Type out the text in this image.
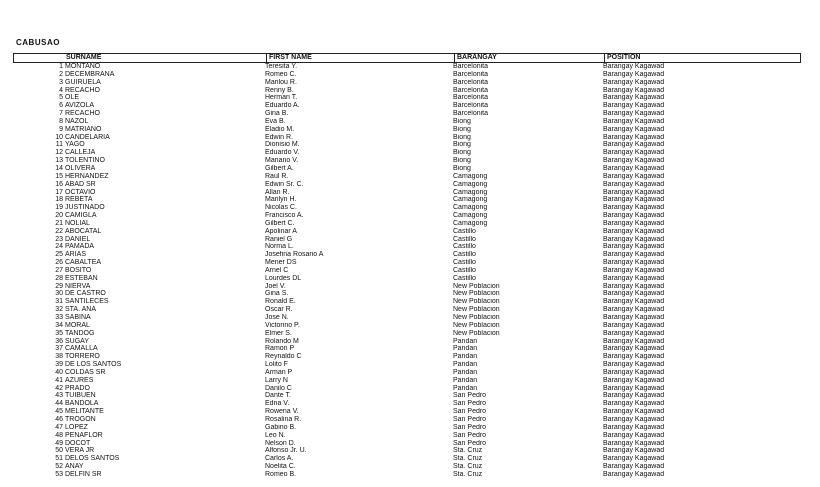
CABUSAO
SURNAME	FIRST NAME	BARANGAY	POSITION
1 MONTAÑO	Teresita Y.	Barcelonita	Barangay Kagawad
2 DECEMBRANA	Romeo C.	Barcelonita	Barangay Kagawad
3 GUIRUELA	Marilou R.	Barcelonita	Barangay Kagawad
4 RECACHO	Renny B.	Barcelonita	Barangay Kagawad
5 OLE	Herman T.	Barcelonita	Barangay Kagawad
6 AVIZOLA	Eduardo A.	Barcelonita	Barangay Kagawad
7 RECACHO	Gina B.	Barcelonita	Barangay Kagawad
8 NAZOL	Eva B.	Biong	Barangay Kagawad
9 MATRIANO	Eladio M.	Biong	Barangay Kagawad
10 CANDELARIA	Edwin R.	Biong	Barangay Kagawad
11 YAGO	Dionisio M.	Biong	Barangay Kagawad
12 CALLEJA	Eduardo V.	Biong	Barangay Kagawad
13 TOLENTINO	Mariano V.	Biong	Barangay Kagawad
14 OLIVERA	Gilbert A.	Biong	Barangay Kagawad
15 HERNANDEZ	Raul R.	Camagong	Barangay Kagawad
16 ABAD SR	Edwin Sr. C.	Camagong	Barangay Kagawad
17 OCTAVIO	Allan R.	Camagong	Barangay Kagawad
18 REBETA	Marilyn H.	Camagong	Barangay Kagawad
19 JUSTINADO	Nicolas C.	Camagong	Barangay Kagawad
20 CAMIGLA	Francisco A.	Camagong	Barangay Kagawad
21 NOLIAL	Gilbert C.	Camagong	Barangay Kagawad
22 ABOCATAL	Apolinar A	Castillo	Barangay Kagawad
23 DANIEL	Raniel G	Castillo	Barangay Kagawad
24 PAMADA	Norma L.	Castillo	Barangay Kagawad
25 ARIAS	Josefina Rosario A	Castillo	Barangay Kagawad
26 CABALTEA	Mener DS	Castillo	Barangay Kagawad
27 BOSITO	Arnel C	Castillo	Barangay Kagawad
28 ESTEBAN	Lourdes DL	Castillo	Barangay Kagawad
29 NIERVA	Joel V.	New Poblacion	Barangay Kagawad
30 DE CASTRO	Gina S.	New Poblacion	Barangay Kagawad
31 SANTILECES	Ronald E.	New Poblacion	Barangay Kagawad
32 STA. ANA	Oscar R.	New Poblacion	Barangay Kagawad
33 SABIÑA	Jose N.	New Poblacion	Barangay Kagawad
34 MORAL	Victorino P.	New Poblacion	Barangay Kagawad
35 TANDOG	Elmer S.	New Poblacion	Barangay Kagawad
36 SUGAY	Rolando M	Pandan	Barangay Kagawad
37 CAMALLA	Ramon P	Pandan	Barangay Kagawad
38 TORRERO	Reynaldo C	Pandan	Barangay Kagawad
39 DE LOS SANTOS	Lolito F	Pandan	Barangay Kagawad
40 COLDAS SR	Arman P	Pandan	Barangay Kagawad
41 AZURES	Larry N	Pandan	Barangay Kagawad
42 PRADO	Danilo C	Pandan	Barangay Kagawad
43 TUIBUEN	Dante T.	San Pedro	Barangay Kagawad
44 BANDOLA	Edna V.	San Pedro	Barangay Kagawad
45 MELITANTE	Rowena V.	San Pedro	Barangay Kagawad
46 TROGON	Rosalina R.	San Pedro	Barangay Kagawad
47 LOPEZ	Gabino B.	San Pedro	Barangay Kagawad
48 PEÑAFLOR	Leo N.	San Pedro	Barangay Kagawad
49 DOCOT	Nelson D.	San Pedro	Barangay Kagawad
50 VERA JR	Alfonso Jr. U.	Sta. Cruz	Barangay Kagawad
51 DELOS SANTOS	Carlos A.	Sta. Cruz	Barangay Kagawad
52 ANAY	Noelita C.	Sta. Cruz	Barangay Kagawad
53 DELFIN SR	Romeo B.	Sta. Cruz	Barangay Kagawad
